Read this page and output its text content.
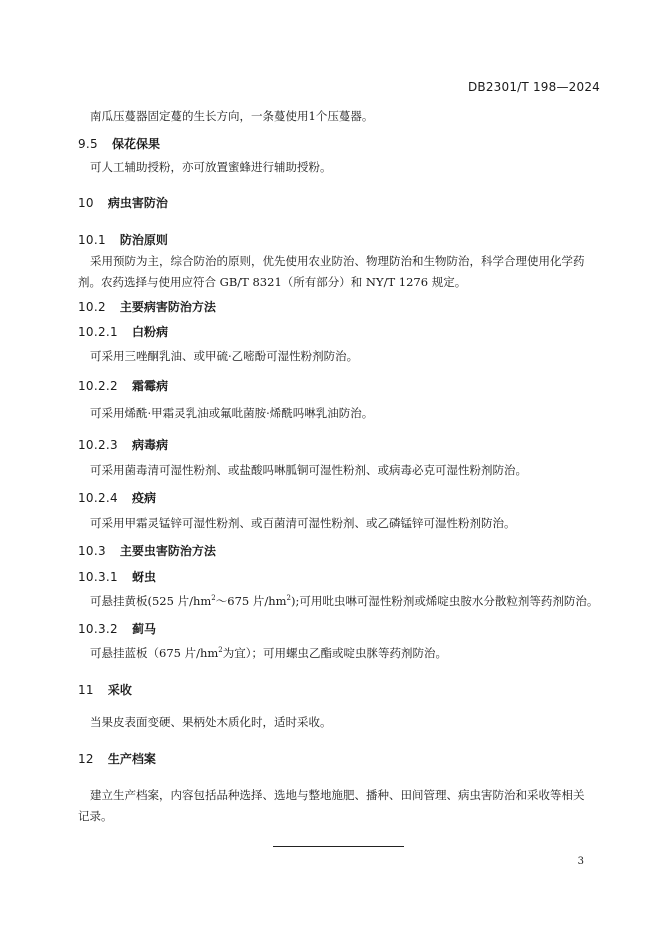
DB2301/T 198—2024
南瓜压蔓器固定蔓的生长方向，一条蔓使用1个压蔓器。
9.5 保花保果
可人工辅助授粉，亦可放置蜜蜂进行辅助授粉。
10 病虫害防治
10.1 防治原则
采用预防为主，综合防治的原则，优先使用农业防治、物理防治和生物防治，科学合理使用化学药
剂。农药选择与使用应符合 GB/T 8321（所有部分）和 NY/T 1276 规定。
10.2 主要病害防治方法
10.2.1 白粉病
可采用三唑酮乳油、或甲硫·乙嘧酚可湿性粉剂防治。
10.2.2 霜霉病
可采用烯酰·甲霜灵乳油或氟吡菌胺·烯酰吗啉乳油防治。
10.2.3 病毒病
可采用菌毒清可湿性粉剂、或盐酸吗啉胍铜可湿性粉剂、或病毒必克可湿性粉剂防治。
10.2.4 疫病
可采用甲霜灵锰锌可湿性粉剂、或百菌清可湿性粉剂、或乙磷锰锌可湿性粉剂防治。
10.3 主要虫害防治方法
10.3.1 蚜虫
可悬挂黄板(525 片$/hm^2\sim 675$ 片$/hm^2$);可用吡虫啉可湿性粉剂或烯啶虫胺水分散粒剂等药剂防治。
10.3.2 蓟马
可悬挂蓝板（675 片$/hm^2$为宜）；可用螺虫乙酯或啶虫脒等药剂防治。
11 采收
当果皮表面变硬、果柄处木质化时，适时采收。
12 生产档案
建立生产档案，内容包括品种选择、选地与整地施肥、播种、田间管理、病虫害防治和采收等相关
记录。
3
